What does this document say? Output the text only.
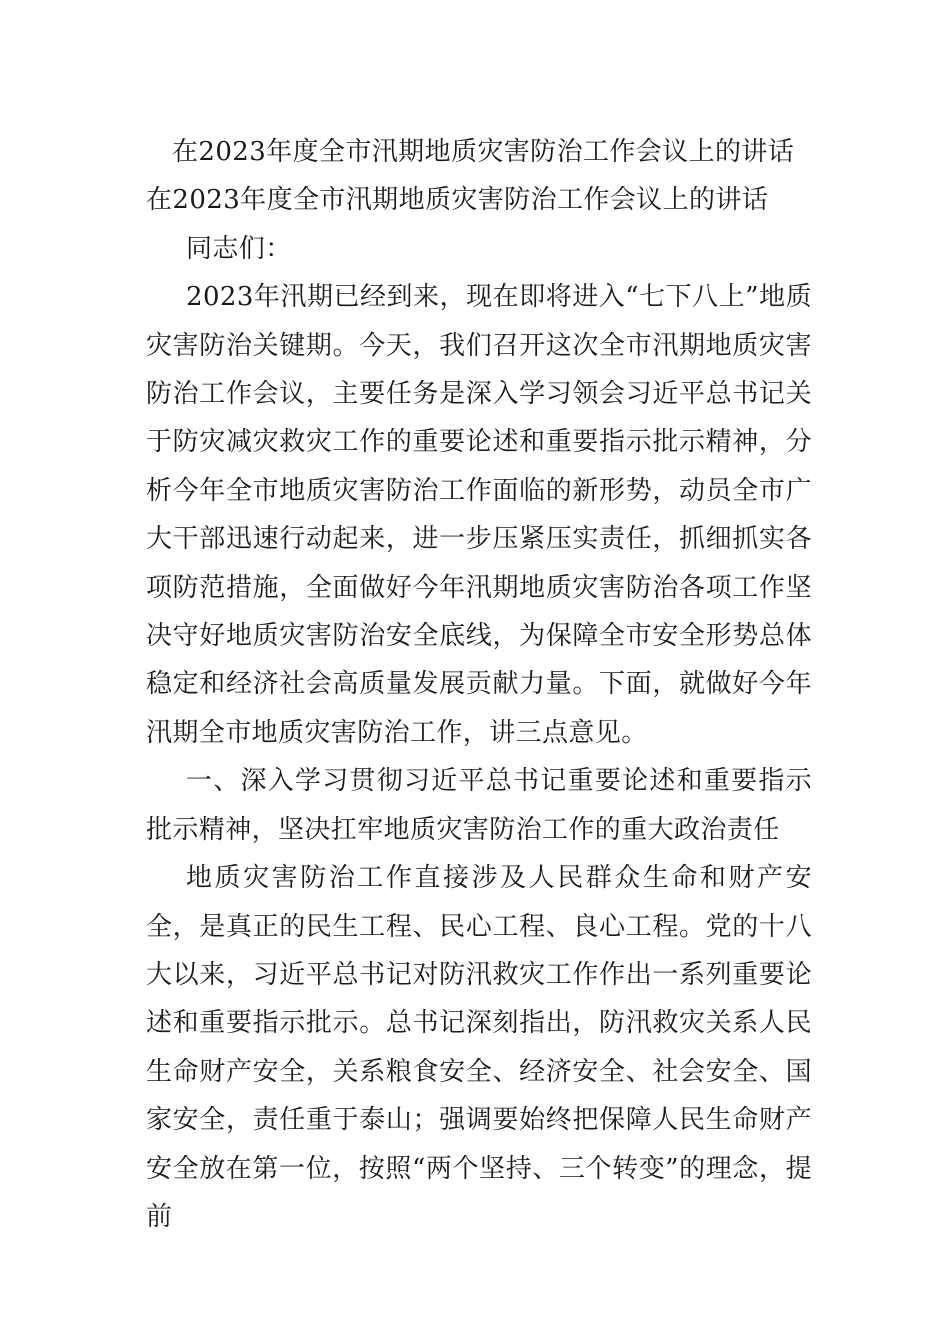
在2023年度全市汛期地质灾害防治工作会议上的讲话

在2023年度全市汛期地质灾害防治工作会议上的讲话

同志们：

2023年汛期已经到来，现在即将进入“七下八上”地质灾害防治关键期。今天，我们召开这次全市汛期地质灾害防治工作会议，主要任务是深入学习领会习近平总书记关于防灾减灾救灾工作的重要论述和重要指示批示精神，分析今年全市地质灾害防治工作面临的新形势，动员全市广大干部迅速行动起来，进一步压紧压实责任，抓细抓实各项防范措施，全面做好今年汛期地质灾害防治各项工作坚决守好地质灾害防治安全底线，为保障全市安全形势总体稳定和经济社会高质量发展贡献力量。下面，就做好今年汛期全市地质灾害防治工作，讲三点意见。

一、深入学习贯彻习近平总书记重要论述和重要指示批示精神，坚决扛牢地质灾害防治工作的重大政治责任

地质灾害防治工作直接涉及人民群众生命和财产安全，是真正的民生工程、民心工程、良心工程。党的十八大以来，习近平总书记对防汛救灾工作作出一系列重要论述和重要指示批示。总书记深刻指出，防汛救灾关系人民生命财产安全，关系粮食安全、经济安全、社会安全、国家安全，责任重于泰山；强调要始终把保障人民生命财产安全放在第一位，按照“两个坚持、三个转变”的理念，提前
